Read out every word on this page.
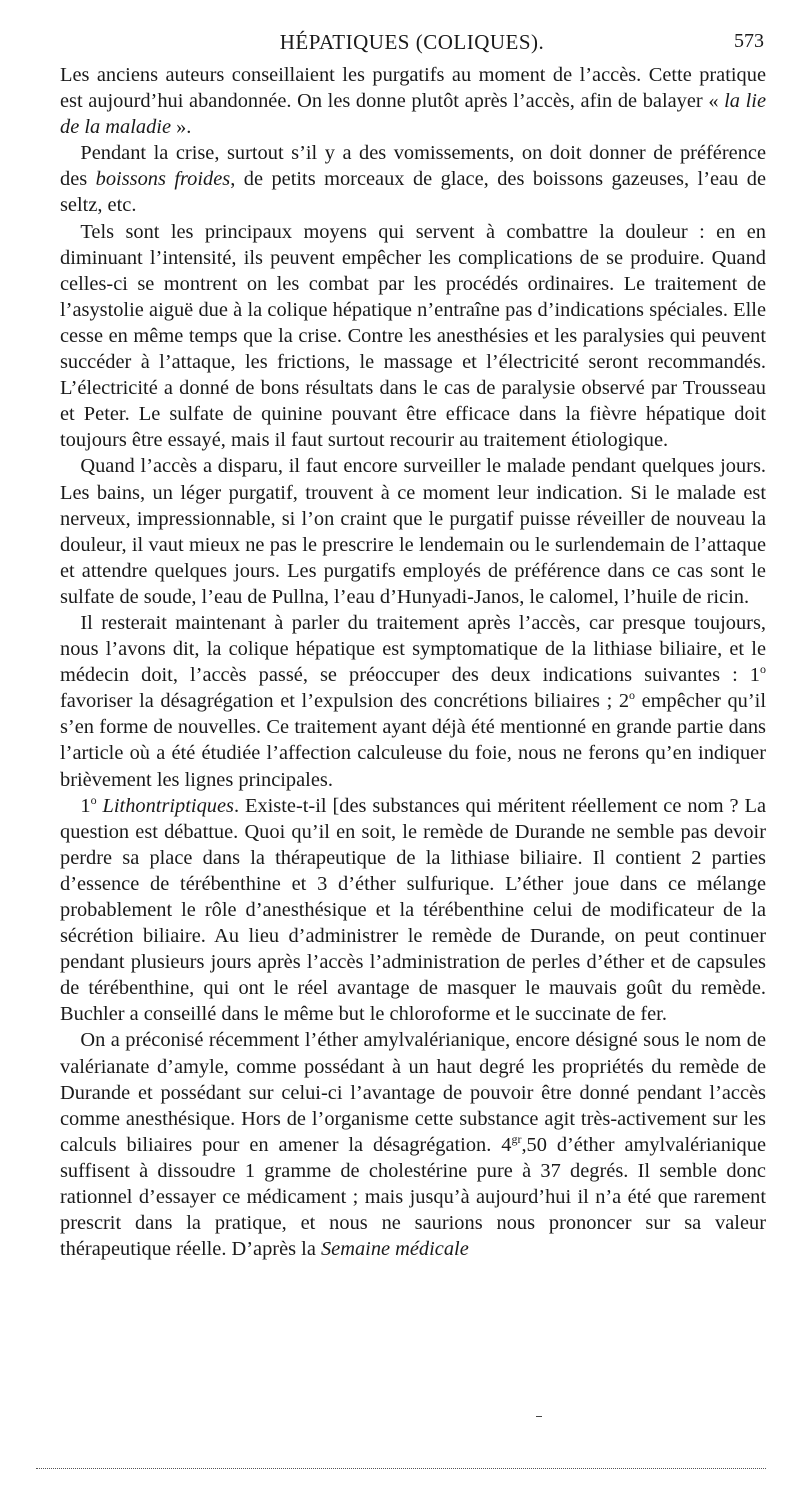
HÉPATIQUES (COLIQUES).	573

Les anciens auteurs conseillaient les purgatifs au moment de l’accès. Cette pratique est aujourd’hui abandonnée. On les donne plutôt après l’accès, afin de balayer « la lie de la maladie ».

 Pendant la crise, surtout s’il y a des vomissements, on doit donner de préférence des boissons froides, de petits morceaux de glace, des boissons gazeuses, l’eau de seltz, etc.

 Tels sont les principaux moyens qui servent à combattre la douleur : en en diminuant l’intensité, ils peuvent empêcher les complications de se produire. Quand celles-ci se montrent on les combat par les procédés ordinaires. Le traitement de l’asystolie aiguë due à la colique hépatique n’entraîne pas d’indications spéciales. Elle cesse en même temps que la crise. Contre les anesthésies et les paralysies qui peuvent succéder à l’attaque, les frictions, le massage et l’électricité seront recommandés. L’électricité a donné de bons résultats dans le cas de paralysie observé par Trousseau et Peter. Le sulfate de quinine pouvant être efficace dans la fièvre hépatique doit toujours être essayé, mais il faut surtout recourir au traitement étiologique.

 Quand l’accès a disparu, il faut encore surveiller le malade pendant quelques jours. Les bains, un léger purgatif, trouvent à ce moment leur indication. Si le malade est nerveux, impressionnable, si l’on craint que le purgatif puisse réveiller de nouveau la douleur, il vaut mieux ne pas le prescrire le lendemain ou le surlendemain de l’attaque et attendre quelques jours. Les purgatifs employés de préférence dans ce cas sont le sulfate de soude, l’eau de Pullna, l’eau d’Hunyadi-Janos, le calomel, l’huile de ricin.

 Il resterait maintenant à parler du traitement après l’accès, car presque toujours, nous l’avons dit, la colique hépatique est symptomatique de la lithiase biliaire, et le médecin doit, l’accès passé, se préoccuper des deux indications suivantes : 1$^o$ favoriser la désagrégation et l’expulsion des concrétions biliaires ; 2$^o$ empêcher qu’il s’en forme de nouvelles. Ce traitement ayant déjà été mentionné en grande partie dans l’article où a été étudiée l’affection calculeuse du foie, nous ne ferons qu’en indiquer brièvement les lignes principales.

 1$^o$ Lithontriptiques. Existe-t-il [des substances qui méritent réellement ce nom ? La question est débattue. Quoi qu’il en soit, le remède de Durande ne semble pas devoir perdre sa place dans la thérapeutique de la lithiase biliaire. Il contient 2 parties d’essence de térébenthine et 3 d’éther sulfurique. L’éther joue dans ce mélange probablement le rôle d’anesthésique et la térébenthine celui de modificateur de la sécrétion biliaire. Au lieu d’administrer le remède de Durande, on peut continuer pendant plusieurs jours après l’accès l’administration de perles d’éther et de capsules de térébenthine, qui ont le réel avantage de masquer le mauvais goût du remède. Buchler a conseillé dans le même but le chloroforme et le succinate de fer.

 On a préconisé récemment l’éther amylvalérianique, encore désigné sous le nom de valérianate d’amyle, comme possédant à un haut degré les propriétés du remède de Durande et possédant sur celui-ci l’avantage de pouvoir être donné pendant l’accès comme anesthésique. Hors de l’organisme cette substance agit très-activement sur les calculs biliaires pour en amener la désagrégation. $4^{gr},50$ d’éther amylvalérianique suffisent à dissoudre 1 gramme de cholestérine pure à 37 degrés. Il semble donc rationnel d’essayer ce médicament ; mais jusqu’à aujourd’hui il n’a été que rarement prescrit dans la pratique, et nous ne saurions nous prononcer sur sa valeur thérapeutique réelle. D’après la Semaine médicale
